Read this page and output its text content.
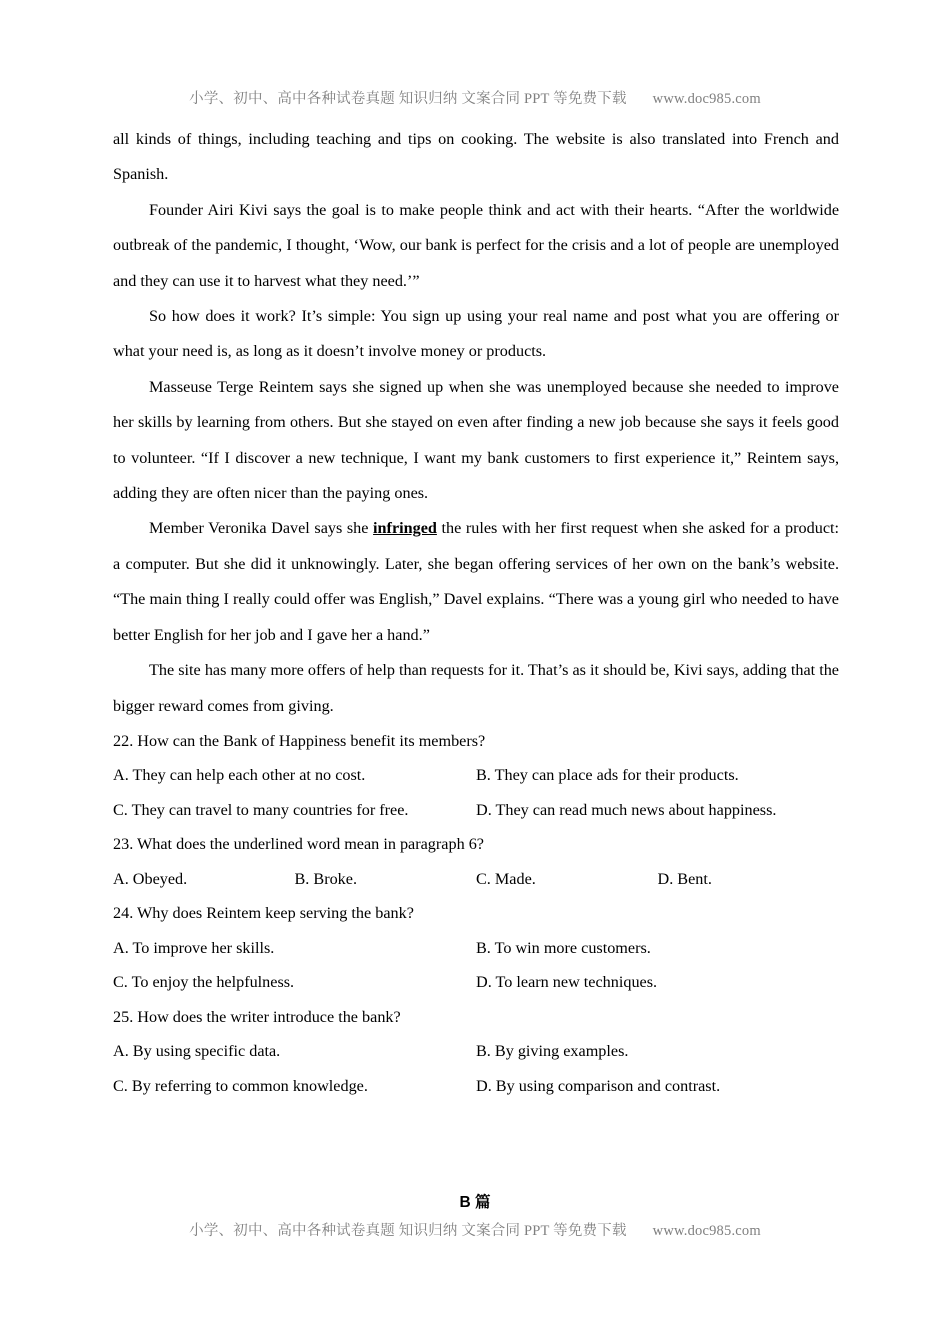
小学、初中、高中各种试卷真题 知识归纳 文案合同 PPT 等免费下载 www.doc985.com

all kinds of things, including teaching and tips on cooking. The website is also translated into French and Spanish.

Founder Airi Kivi says the goal is to make people think and act with their hearts. “After the worldwide outbreak of the pandemic, I thought, ‘Wow, our bank is perfect for the crisis and a lot of people are unemployed and they can use it to harvest what they need.’”

So how does it work? It’s simple: You sign up using your real name and post what you are offering or what your need is, as long as it doesn’t involve money or products.

Masseuse Terge Reintem says she signed up when she was unemployed because she needed to improve her skills by learning from others. But she stayed on even after finding a new job because she says it feels good to volunteer. “If I discover a new technique, I want my bank customers to first experience it,” Reintem says, adding they are often nicer than the paying ones.

Member Veronika Davel says she infringed the rules with her first request when she asked for a product: a computer. But she did it unknowingly. Later, she began offering services of her own on the bank’s website. “The main thing I really could offer was English,” Davel explains. “There was a young girl who needed to have better English for her job and I gave her a hand.”

The site has many more offers of help than requests for it. That’s as it should be, Kivi says, adding that the bigger reward comes from giving.

22. How can the Bank of Happiness benefit its members?

A. They can help each other at no cost.	B. They can place ads for their products.
C. They can travel to many countries for free.	D. They can read much news about happiness.

23. What does the underlined word mean in paragraph 6?

A. Obeyed.	B. Broke.	C. Made.	D. Bent.

24. Why does Reintem keep serving the bank?

A. To improve her skills.	B. To win more customers.
C. To enjoy the helpfulness.	D. To learn new techniques.

25. How does the writer introduce the bank?

A. By using specific data.	B. By giving examples.
C. By referring to common knowledge.	D. By using comparison and contrast.
B 篇
小学、初中、高中各种试卷真题 知识归纳 文案合同 PPT 等免费下载 www.doc985.com
